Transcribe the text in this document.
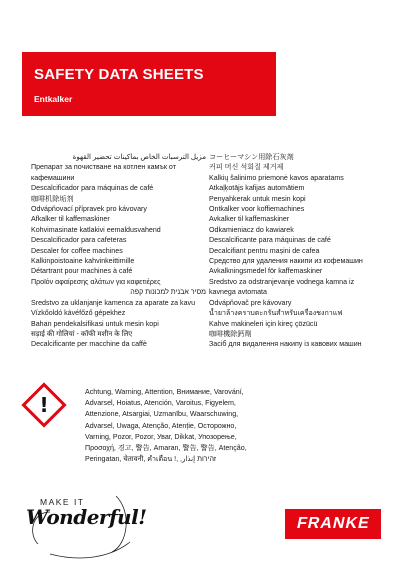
SAFETY DATA SHEETS
Entkalker
مزيل الترسبات الخاص بماكينات تحضير القهوة
Препарат за почистване на котлен камък от
кафемашини
Descalcificador para máquinas de café
咖啡机除垢剂
Odvápňovací přípravek pro kávovary
Afkalker til kaffemaskiner
Kohvimasinate katlakivi eemaldusvahend
Descalcificador para cafeteras
Descaler for coffee machines
Kalkinpoistoaine kahvinkeittimille
Détartrant pour machines à café
Προϊόν αφαίρεσης αλάτων για καφετιέρες
מסיר אבנית למכונות קפה
Sredstvo za uklanjanje kamenca za aparate za kavu
Vízkőoldó kávéfőző gépekhez
Bahan pendekalsifikasi untuk mesin kopi
सड़ाई की गोलियां - कॉफी मशीन के लिए
Decalcificante per macchine da caffè
コーヒーマシン用除石灰剤
커피 머신 석회질 제거제
Kalkių šalinimo priemonė kavos aparatams
Atkaļķotājs kafijas automātiem
Penyahkerak untuk mesin kopi
Ontkalker voor koffiemachines
Avkalker til kaffemaskiner
Odkamieniacz do kawiarek
Descalcificante para máquinas de café
Decalcifiant pentru mașini de cafea
Средство для удаления накипи из кофемашин
Avkalkningsmedel för kaffemaskiner
Sredstvo za odstranjevanje vodnega kamna iz
kavnega avtomata
Odvápňovač pre kávovary
น้ำยาล้างคราบตะกรันสำหรับเครื่องชงกาแฟ
Kahve makineleri için kireç çözücü
咖啡機除鈣劑
Засіб для видалення накипу із кавових машин
!
Achtung, Warning, Attention, Внимание, Varování,
Advarsel, Hoiatus, Atención, Varoitus, Figyelem,
Attenzione, Atsargiai, Uzmanību, Waarschuwing,
Advarsel, Uwaga, Atenção, Atenție, Осторожно,
Varning, Pozor, Pozor, Уваг, Dikkat, Упозорење,
Προσοχή, 경고, 警告, Amaran, 警告, 警告, Atenção,
Peringatan, चेतावनी, คำเตือน !, ,זהירות إنذار
MAKE IT
Wonderful!	FRANKE
